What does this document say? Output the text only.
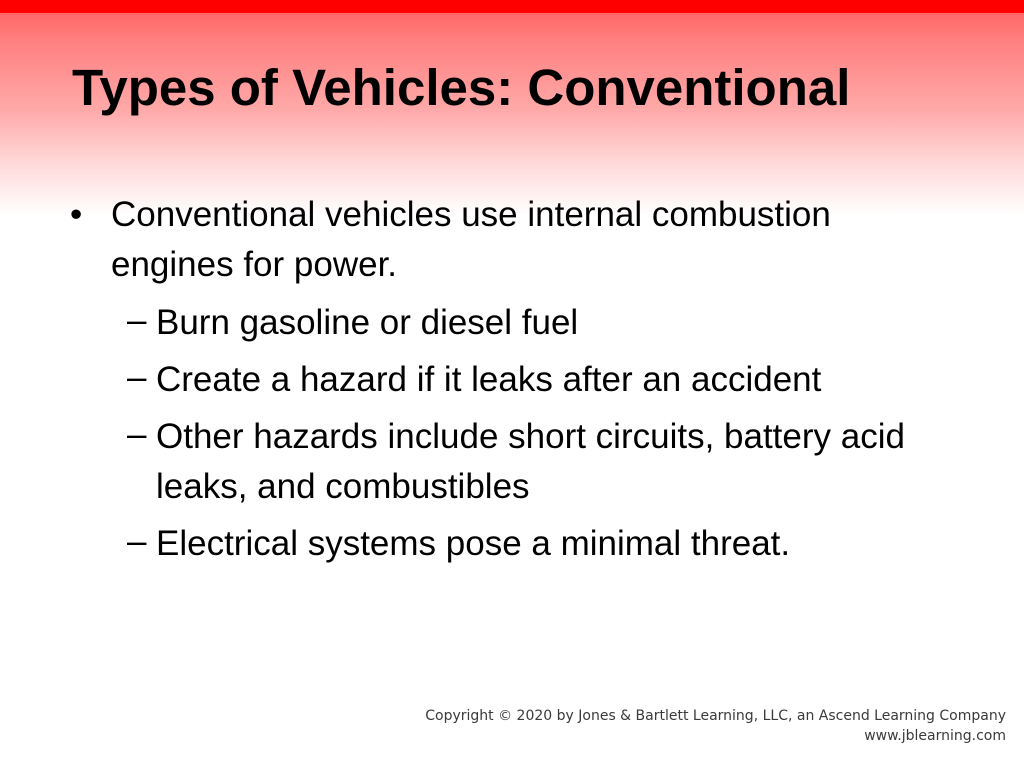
Types of Vehicles: Conventional
• Conventional vehicles use internal combustion engines for power.
– Burn gasoline or diesel fuel
– Create a hazard if it leaks after an accident
– Other hazards include short circuits, battery acid leaks, and combustibles
– Electrical systems pose a minimal threat.
Copyright © 2020 by Jones & Bartlett Learning, LLC, an Ascend Learning Company
www.jblearning.com
